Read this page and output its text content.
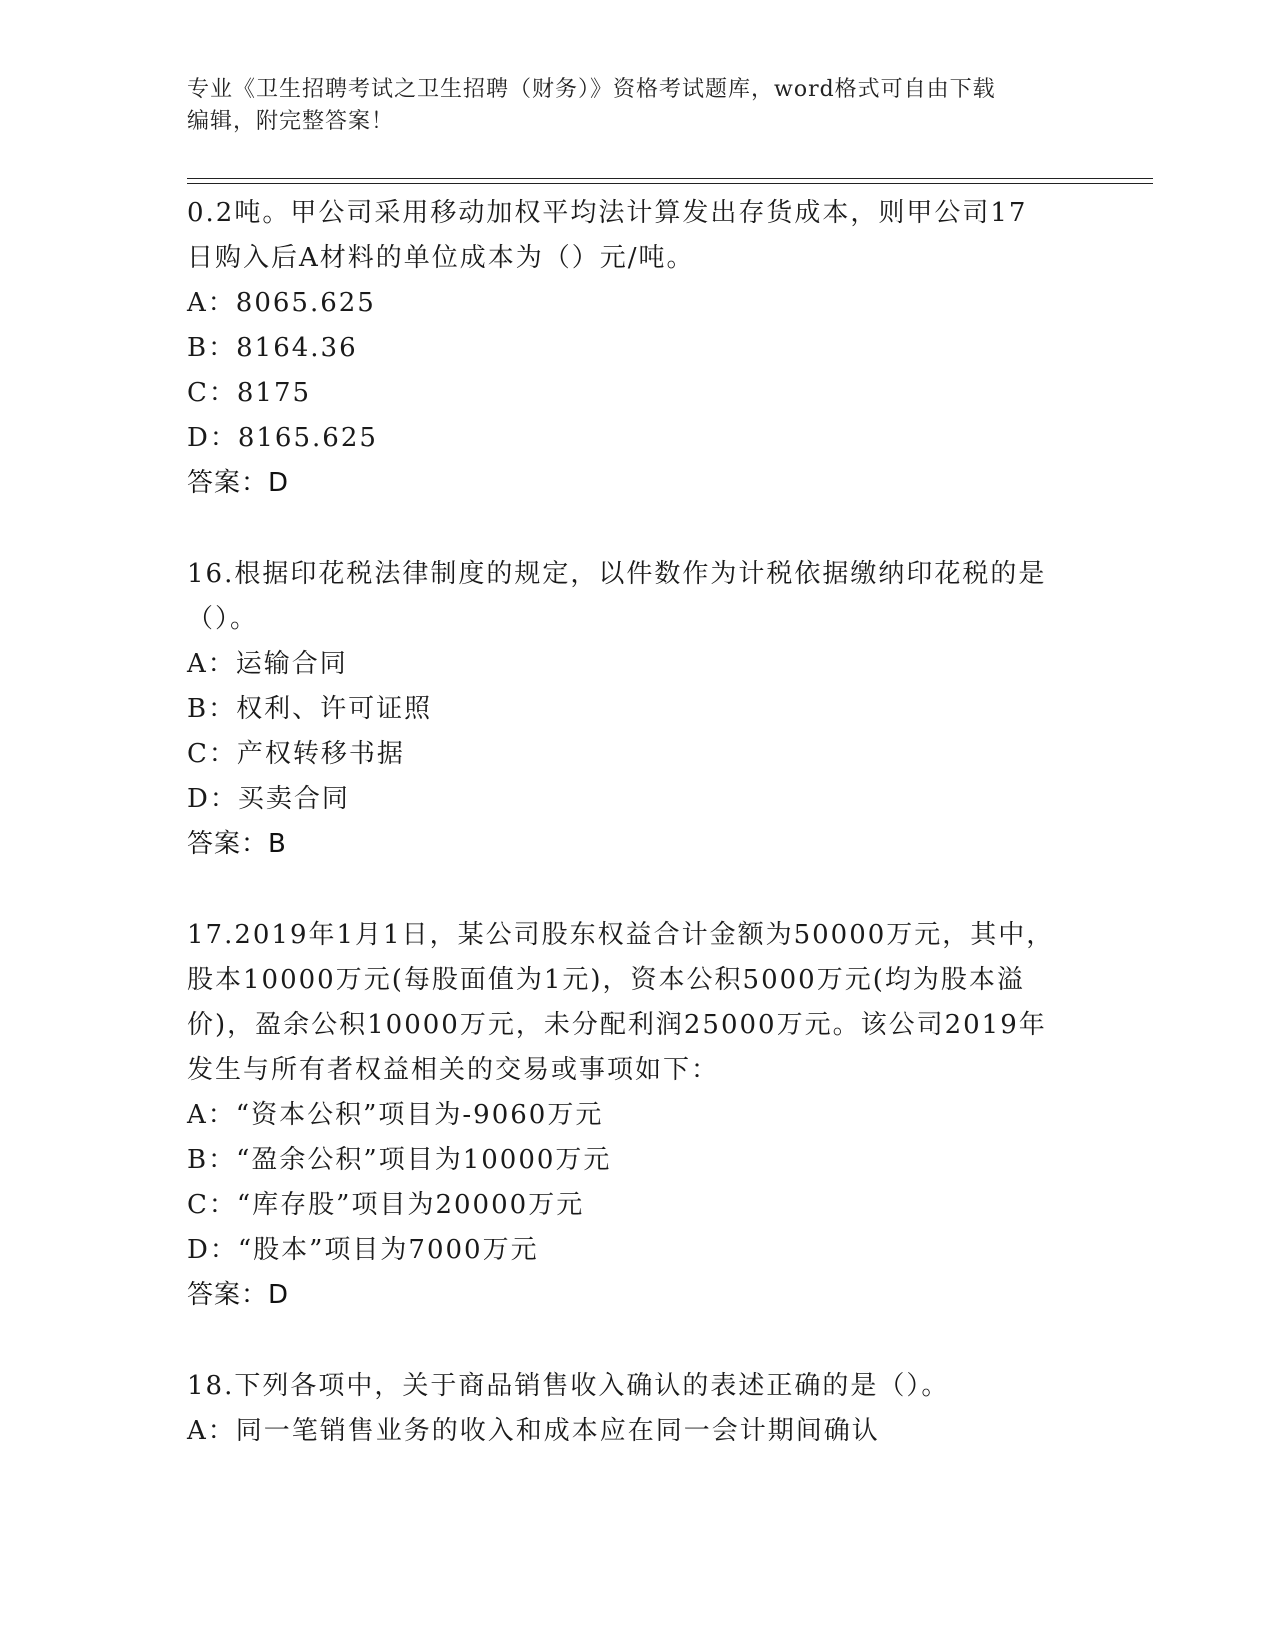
专业《卫生招聘考试之卫生招聘（财务）》资格考试题库，word格式可自由下载
编辑，附完整答案！
0.2吨。甲公司采用移动加权平均法计算发出存货成本，则甲公司17
日购入后A材料的单位成本为（）元/吨。
A：8065.625
B：8164.36
C：8175
D：8165.625
答案：D
16.根据印花税法律制度的规定，以件数作为计税依据缴纳印花税的是
（）。
A：运输合同
B：权利、许可证照
C：产权转移书据
D：买卖合同
答案：B
17.2019年1月1日，某公司股东权益合计金额为50000万元，其中，
股本10000万元(每股面值为1元)，资本公积5000万元(均为股本溢
价)，盈余公积10000万元，未分配利润25000万元。该公司2019年
发生与所有者权益相关的交易或事项如下：
A：“资本公积”项目为-9060万元
B：“盈余公积”项目为10000万元
C：“库存股”项目为20000万元
D：“股本”项目为7000万元
答案：D
18.下列各项中，关于商品销售收入确认的表述正确的是（）。
A：同一笔销售业务的收入和成本应在同一会计期间确认
